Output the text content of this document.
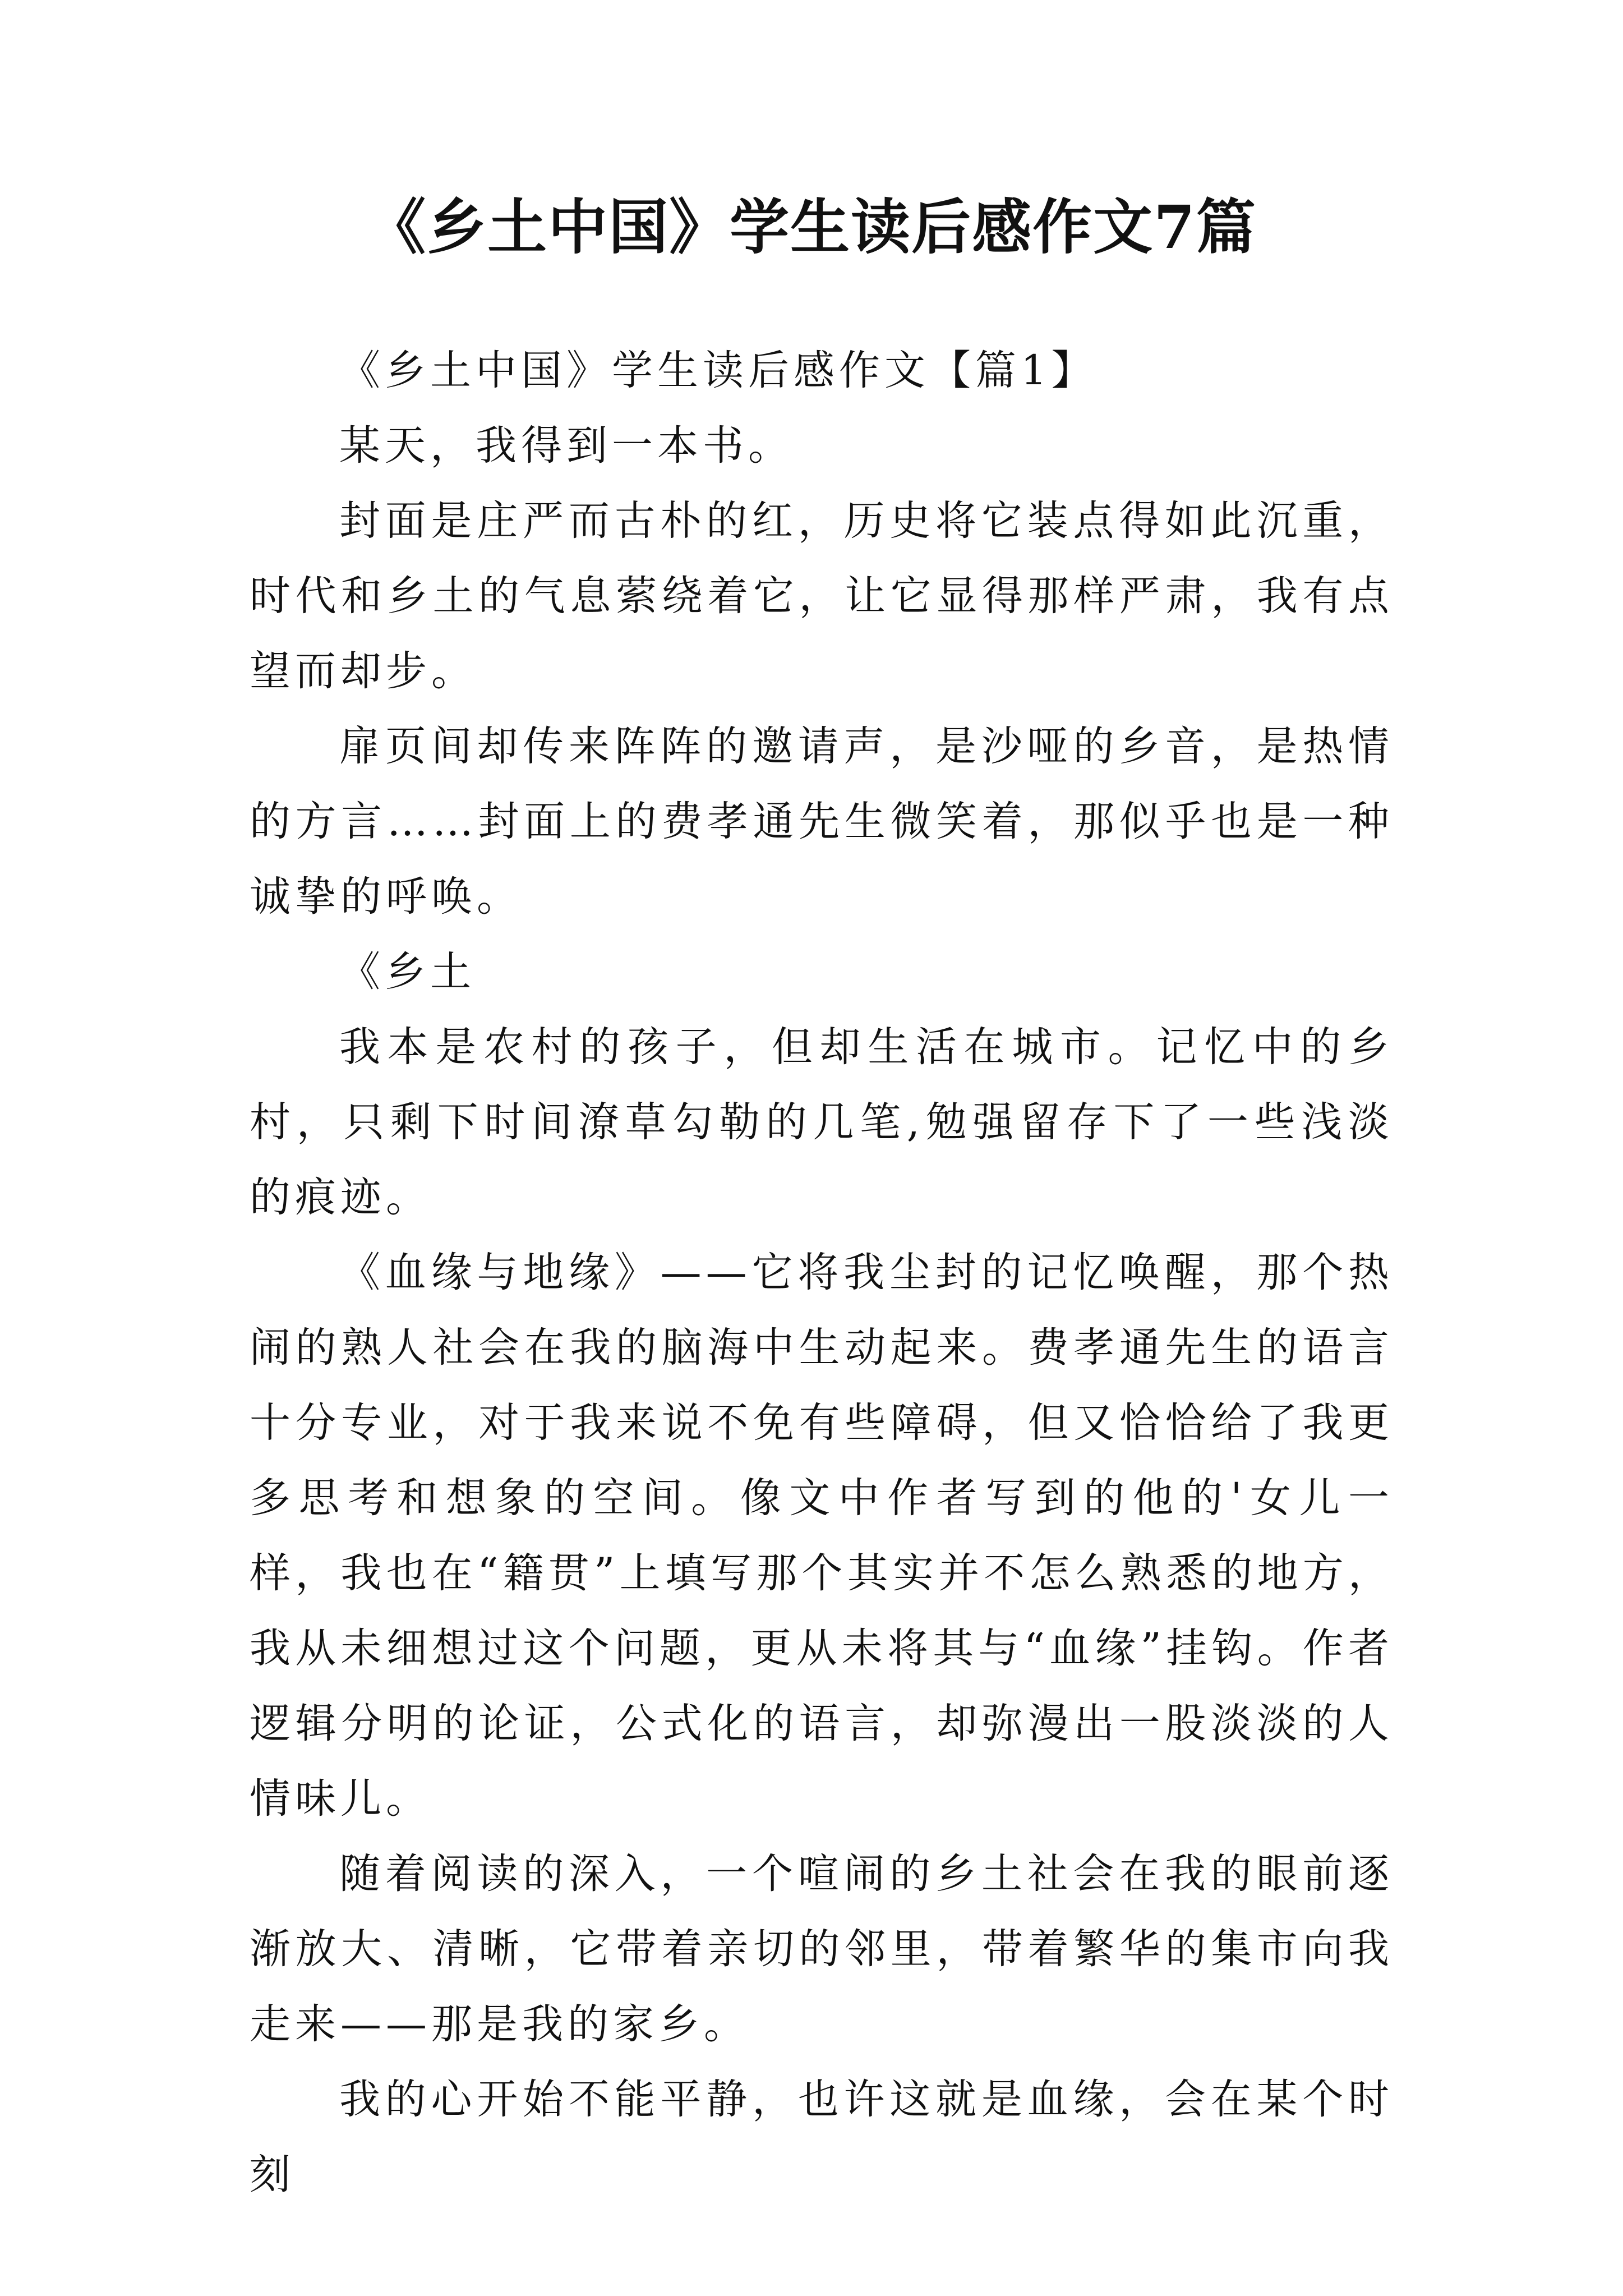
《乡土中国》学生读后感作文7篇

《乡土中国》学生读后感作文【篇1】

某天，我得到一本书。

封面是庄严而古朴的红，历史将它装点得如此沉重，时代和乡土的气息萦绕着它，让它显得那样严肃，我有点望而却步。

扉页间却传来阵阵的邀请声，是沙哑的乡音，是热情的方言……封面上的费孝通先生微笑着，那似乎也是一种诚挚的呼唤。

《乡土

我本是农村的孩子，但却生活在城市。记忆中的乡村，只剩下时间潦草勾勒的几笔,勉强留存下了一些浅淡的痕迹。

《血缘与地缘》——它将我尘封的记忆唤醒，那个热闹的熟人社会在我的脑海中生动起来。费孝通先生的语言十分专业，对于我来说不免有些障碍，但又恰恰给了我更多思考和想象的空间。像文中作者写到的他的'女儿一样，我也在“籍贯”上填写那个其实并不怎么熟悉的地方，我从未细想过这个问题，更从未将其与“血缘”挂钩。作者逻辑分明的论证，公式化的语言，却弥漫出一股淡淡的人情味儿。

随着阅读的深入，一个喧闹的乡土社会在我的眼前逐渐放大、清晰，它带着亲切的邻里，带着繁华的集市向我走来——那是我的家乡。

我的心开始不能平静，也许这就是血缘，会在某个时刻
